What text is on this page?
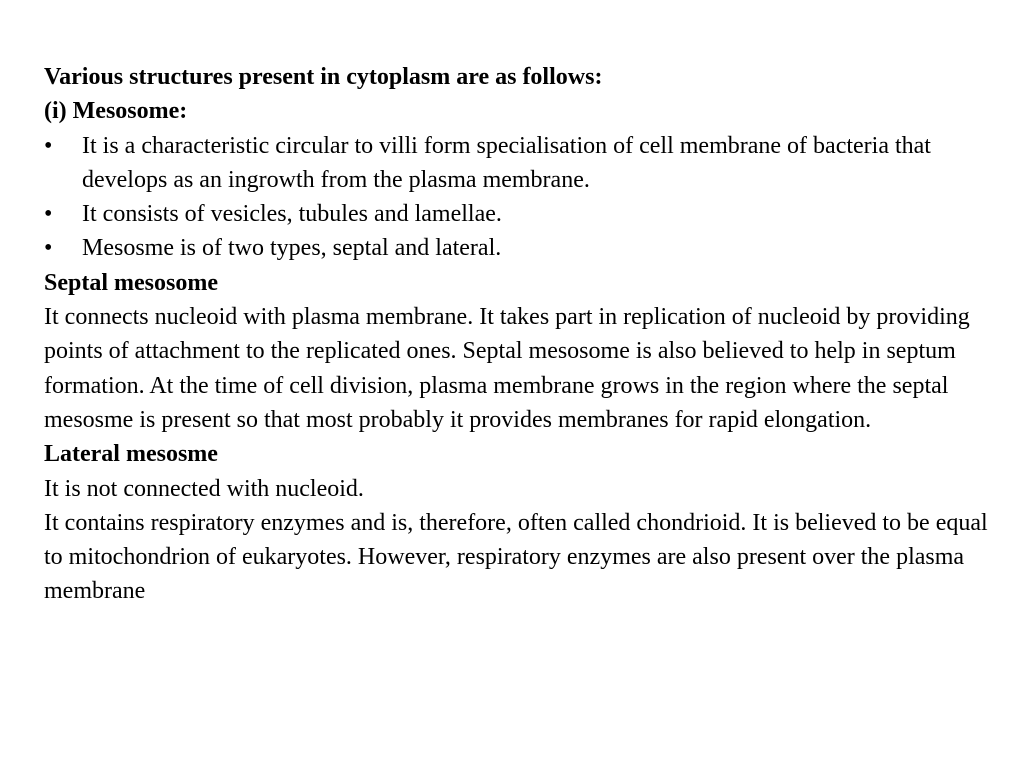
Various structures present in cytoplasm are as follows:
(i) Mesosome:
• It is a characteristic circular to villi form specialisation of cell membrane of bacteria that develops as an ingrowth from the plasma membrane.
• It consists of vesicles, tubules and lamellae.
• Mesosme is of two types, septal and lateral.
Septal mesosome

It connects nucleoid with plasma membrane. It takes part in replication of nucleoid by providing points of attachment to the replicated ones. Septal mesosome is also believed to help in septum formation. At the time of cell division, plasma membrane grows in the region where the septal mesosme is present so that most probably it provides membranes for rapid elongation.

Lateral mesosme

It is not connected with nucleoid.

It contains respiratory enzymes and is, therefore, often called chondrioid. It is believed to be equal to mitochondrion of eukaryotes. However, respiratory enzymes are also present over the plasma membrane
